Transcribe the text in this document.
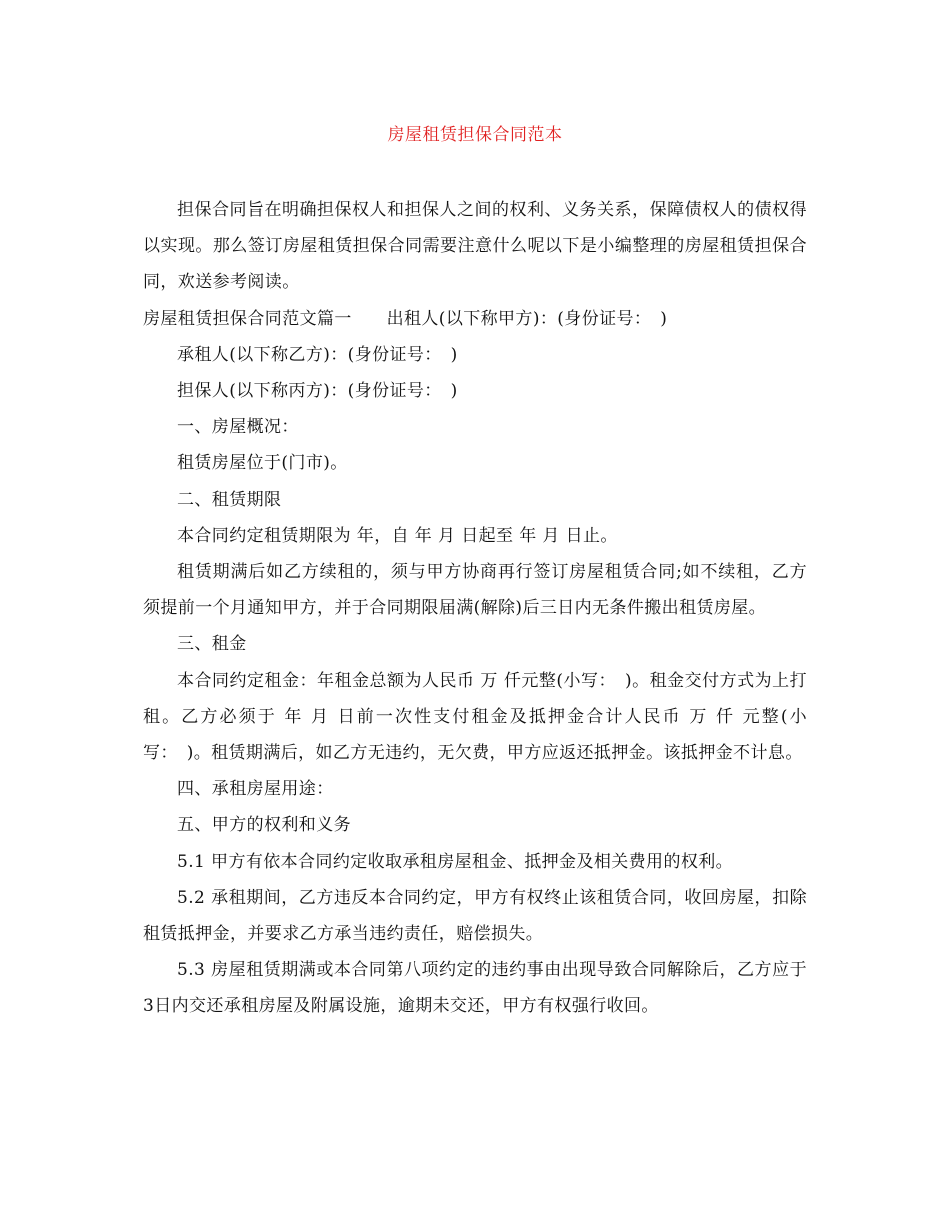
房屋租赁担保合同范本

担保合同旨在明确担保权人和担保人之间的权利、义务关系，保障债权人的债权得以实现。那么签订房屋租赁担保合同需要注意什么呢以下是小编整理的房屋租赁担保合同，欢送参考阅读。

房屋租赁担保合同范文篇一　　出租人(以下称甲方)：(身份证号：　)

承租人(以下称乙方)：(身份证号：　)

担保人(以下称丙方)：(身份证号：　)

一、房屋概况：

租赁房屋位于(门市)。

二、租赁期限

本合同约定租赁期限为 年，自 年 月 日起至 年 月 日止。

租赁期满后如乙方续租的，须与甲方协商再行签订房屋租赁合同;如不续租，乙方须提前一个月通知甲方，并于合同期限届满(解除)后三日内无条件搬出租赁房屋。

三、租金

本合同约定租金：年租金总额为人民币 万 仟元整(小写：　)。租金交付方式为上打租。乙方必须于 年 月 日前一次性支付租金及抵押金合计人民币 万 仟 元整(小写：　)。租赁期满后，如乙方无违约，无欠费，甲方应返还抵押金。该抵押金不计息。

四、承租房屋用途：

五、甲方的权利和义务

5.1 甲方有依本合同约定收取承租房屋租金、抵押金及相关费用的权利。

5.2 承租期间，乙方违反本合同约定，甲方有权终止该租赁合同，收回房屋，扣除租赁抵押金，并要求乙方承当违约责任，赔偿损失。

5.3 房屋租赁期满或本合同第八项约定的违约事由出现导致合同解除后，乙方应于3日内交还承租房屋及附属设施，逾期未交还，甲方有权强行收回。
